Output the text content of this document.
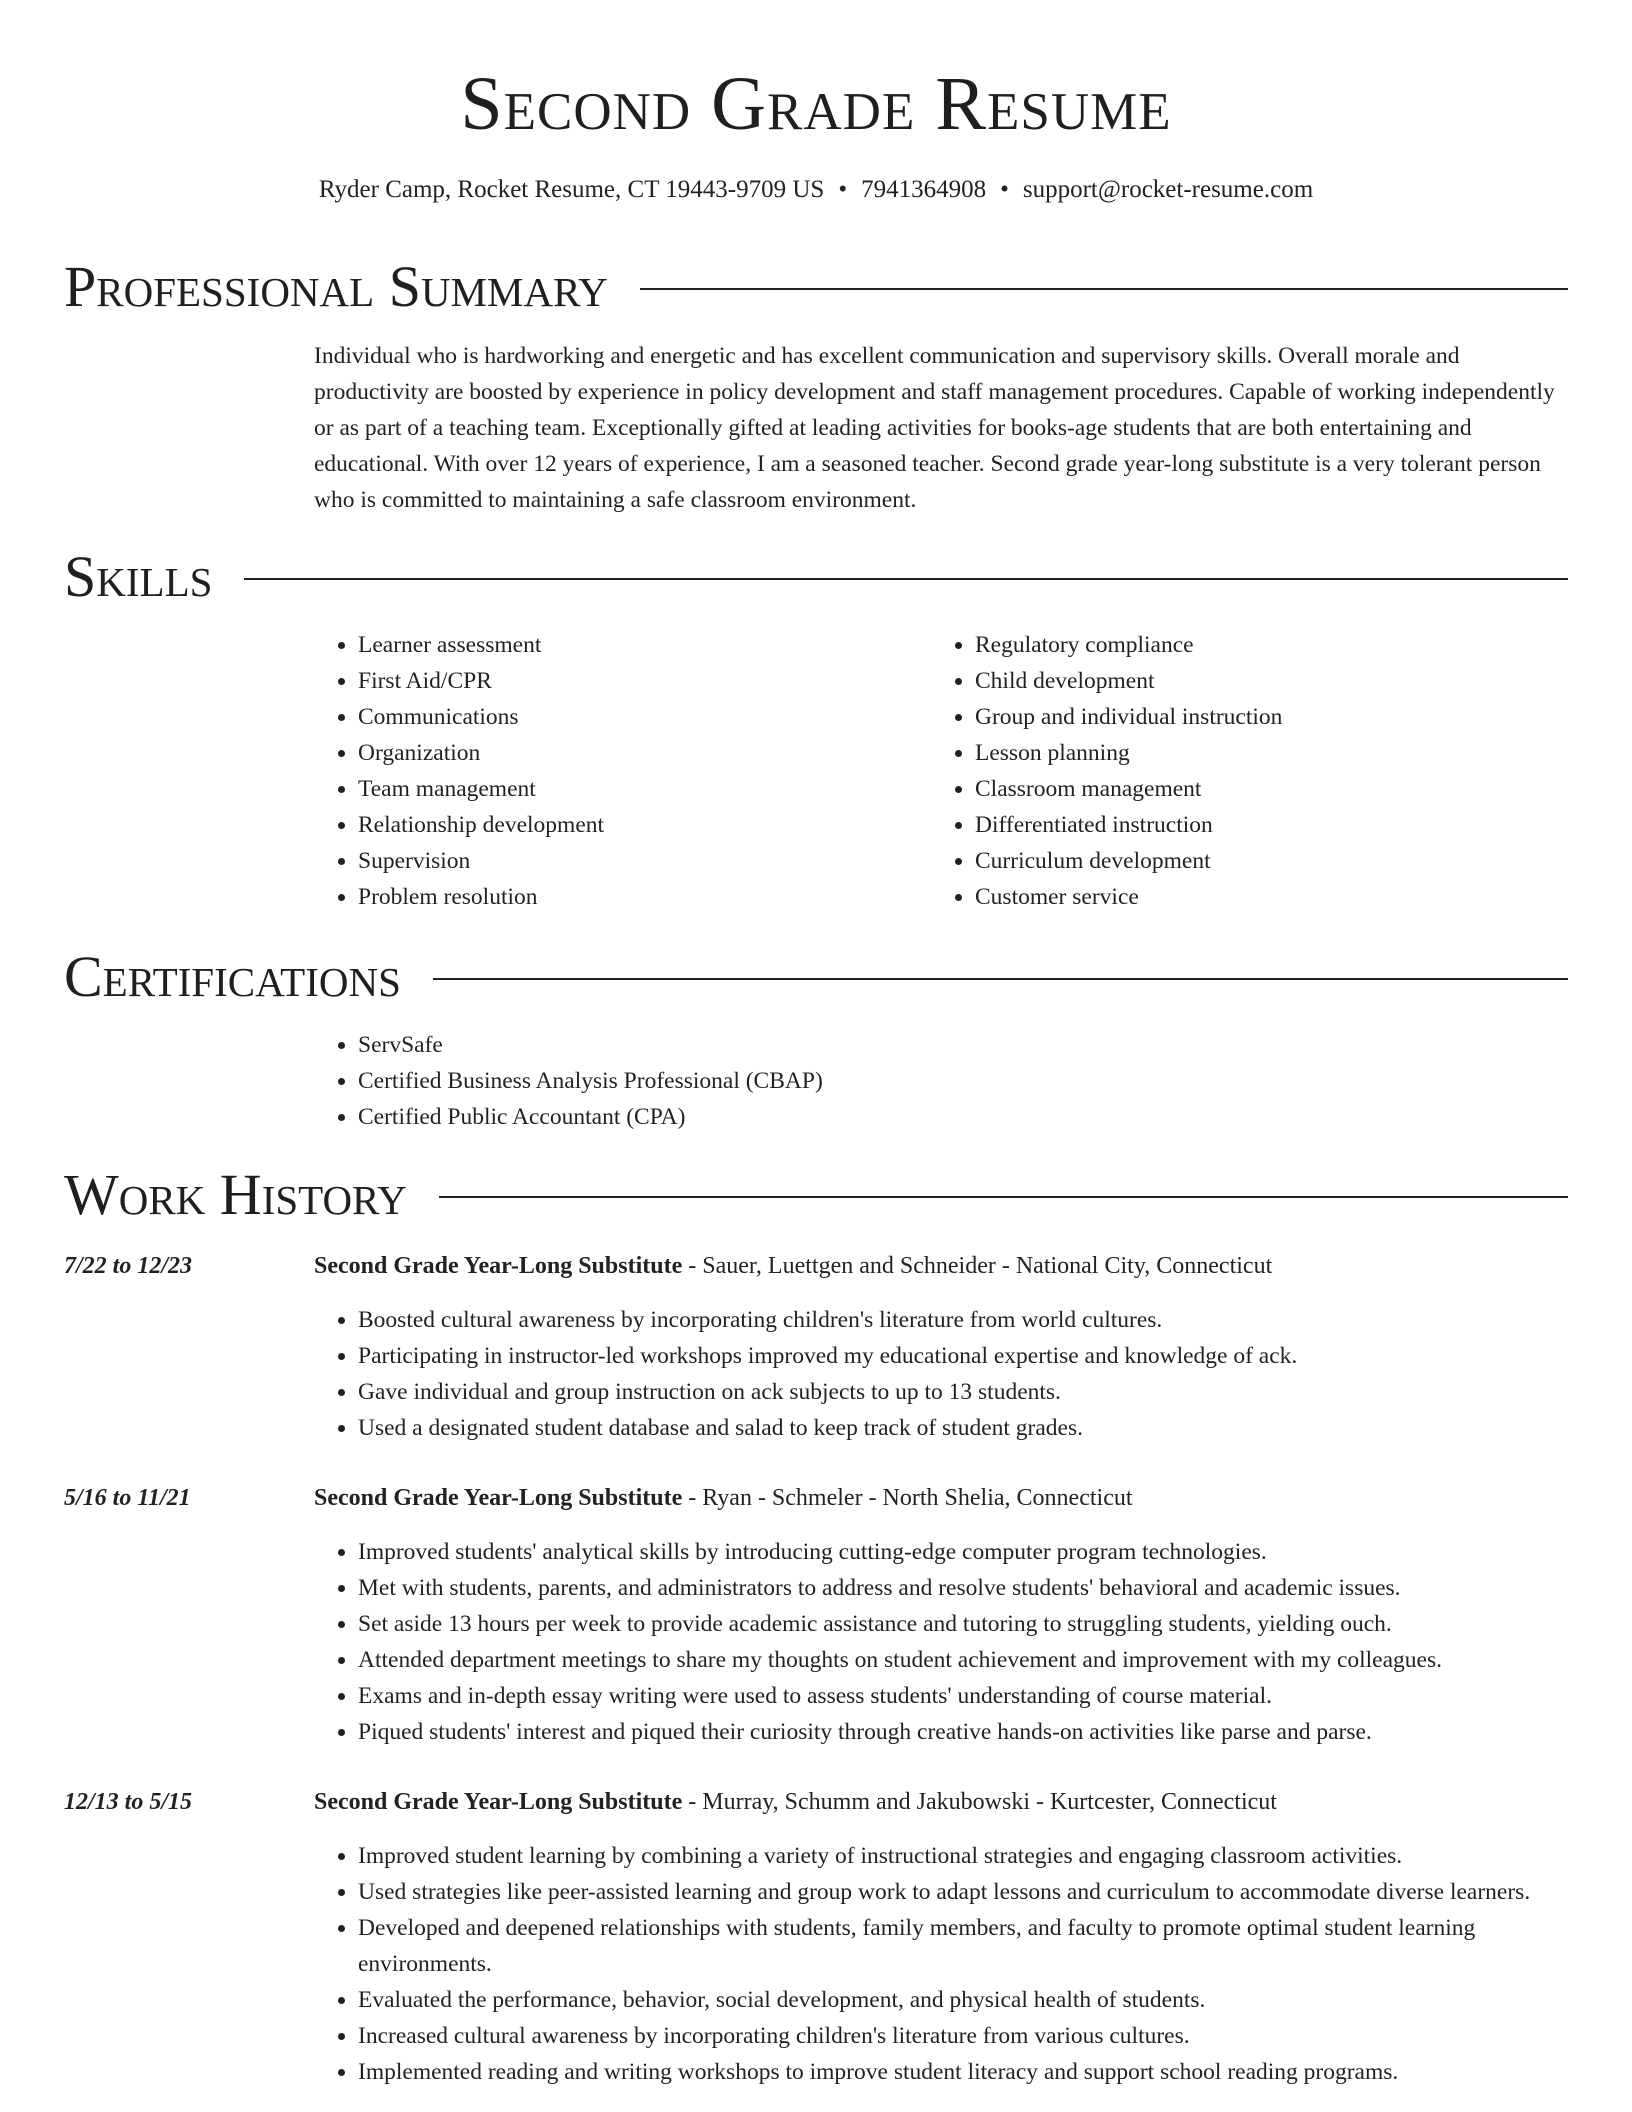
Second Grade Resume
Ryder Camp, Rocket Resume, CT 19443-9709 US • 7941364908 • support@rocket-resume.com
Professional Summary

Individual who is hardworking and energetic and has excellent communication and supervisory skills. Overall morale and productivity are boosted by experience in policy development and staff management procedures. Capable of working independently or as part of a teaching team. Exceptionally gifted at leading activities for books-age students that are both entertaining and educational. With over 12 years of experience, I am a seasoned teacher. Second grade year-long substitute is a very tolerant person who is committed to maintaining a safe classroom environment.

Skills
• Learner assessment
• First Aid/CPR
• Communications
• Organization
• Team management
• Relationship development
• Supervision
• Problem resolution
• Regulatory compliance
• Child development
• Group and individual instruction
• Lesson planning
• Classroom management
• Differentiated instruction
• Curriculum development
• Customer service
Certifications
• ServSafe
• Certified Business Analysis Professional (CBAP)
• Certified Public Accountant (CPA)
Work History
7/22 to 12/23	Second Grade Year-Long Substitute - Sauer, Luettgen and Schneider - National City, Connecticut
• Boosted cultural awareness by incorporating children's literature from world cultures.
• Participating in instructor-led workshops improved my educational expertise and knowledge of ack.
• Gave individual and group instruction on ack subjects to up to 13 students.
• Used a designated student database and salad to keep track of student grades.
5/16 to 11/21	Second Grade Year-Long Substitute - Ryan - Schmeler - North Shelia, Connecticut
• Improved students' analytical skills by introducing cutting-edge computer program technologies.
• Met with students, parents, and administrators to address and resolve students' behavioral and academic issues.
• Set aside 13 hours per week to provide academic assistance and tutoring to struggling students, yielding ouch.
• Attended department meetings to share my thoughts on student achievement and improvement with my colleagues.
• Exams and in-depth essay writing were used to assess students' understanding of course material.
• Piqued students' interest and piqued their curiosity through creative hands-on activities like parse and parse.
12/13 to 5/15	Second Grade Year-Long Substitute - Murray, Schumm and Jakubowski - Kurtcester, Connecticut
• Improved student learning by combining a variety of instructional strategies and engaging classroom activities.
• Used strategies like peer-assisted learning and group work to adapt lessons and curriculum to accommodate diverse learners.
• Developed and deepened relationships with students, family members, and faculty to promote optimal student learning environments.
• Evaluated the performance, behavior, social development, and physical health of students.
• Increased cultural awareness by incorporating children's literature from various cultures.
• Implemented reading and writing workshops to improve student literacy and support school reading programs.
